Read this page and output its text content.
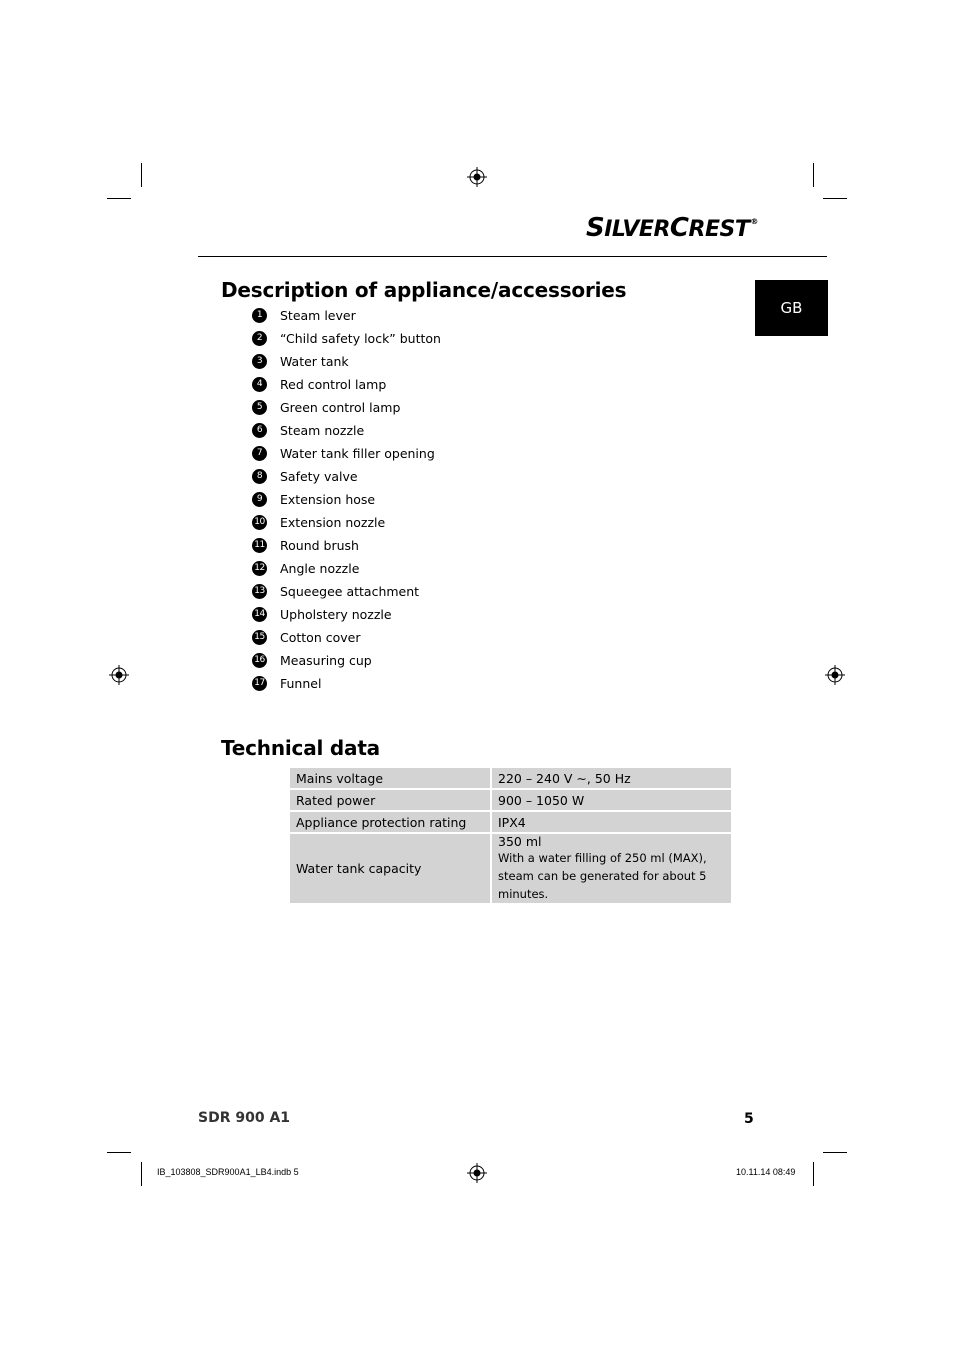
SILVERCREST®
GB
Description of appliance/accessories
1	Steam lever
2	“Child safety lock” button
3	Water tank
4	Red control lamp
5	Green control lamp
6	Steam nozzle
7	Water tank filler opening
8	Safety valve
9	Extension hose
10 Extension nozzle
11 Round brush
12 Angle nozzle
13 Squeegee attachment
14 Upholstery nozzle
15 Cotton cover
16 Measuring cup
17 Funnel
Technical data
Mains voltage	220 – 240 V ∼, 50 Hz
Rated power	900 – 1050 W
Appliance protection rating	IPX4
Water tank capacity	350 ml
With a water filling of 250 ml (MAX), steam can be generated for about 5 minutes.
SDR 900 A1	5
IB_103808_SDR900A1_LB4.indb 5	10.11.14 08:49
